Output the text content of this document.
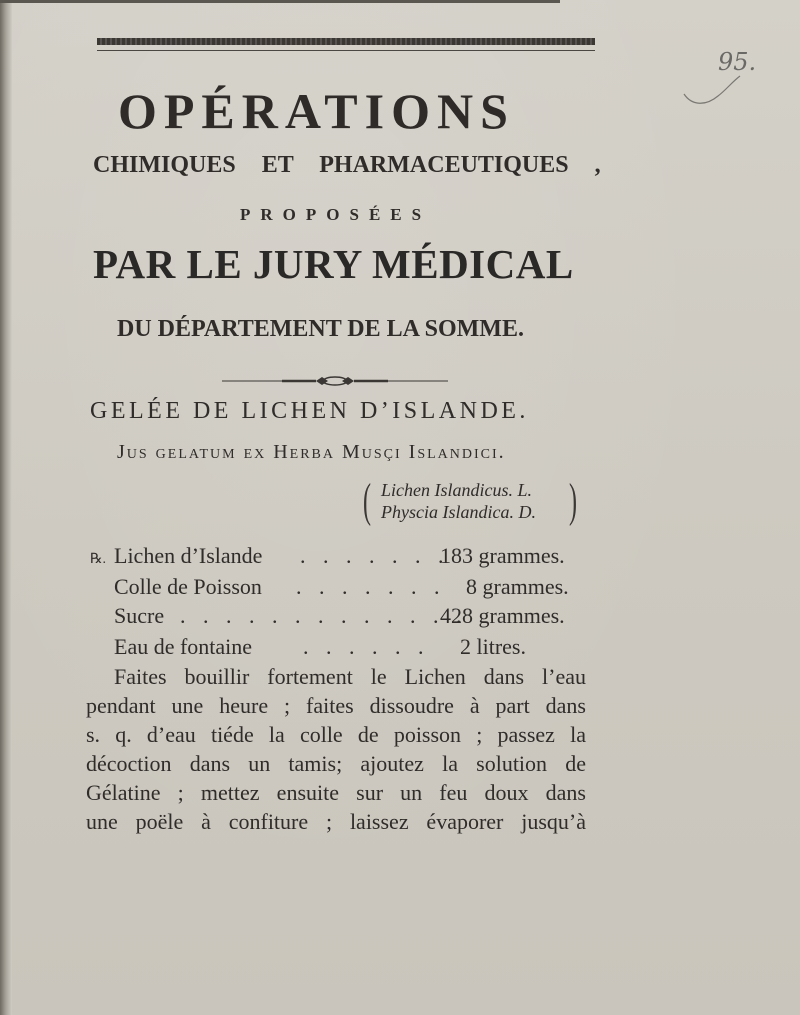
95.
OPÉRATIONS
CHIMIQUES ET PHARMACEUTIQUES ,
PROPOSÉES
PAR LE JURY MÉDICAL
DU DÉPARTEMENT DE LA SOMME.
GELÉE DE LICHEN D’ISLANDE.
Jus gelatum ex Herba Musçi Islandici.
( Lichen Islandicus. L.
Physcia Islandica. D. )
℞. Lichen d’Islande . . . . . . .
183 grammes.
Colle de Poisson . . . . . . . 8 grammes.
Sucre . . . . . . . . . . . . .
428 grammes.
Eau de fontaine . . . . . . 2 litres.
Faites bouillir fortement le Lichen dans l’eau
pendant une heure ; faites dissoudre à part dans
s. q. d’eau tiéde la colle de poisson ; passez la
décoction dans un tamis; ajoutez la solution de
Gélatine ; mettez ensuite sur un feu doux dans
une poële à confiture ; laissez évaporer jusqu’à
